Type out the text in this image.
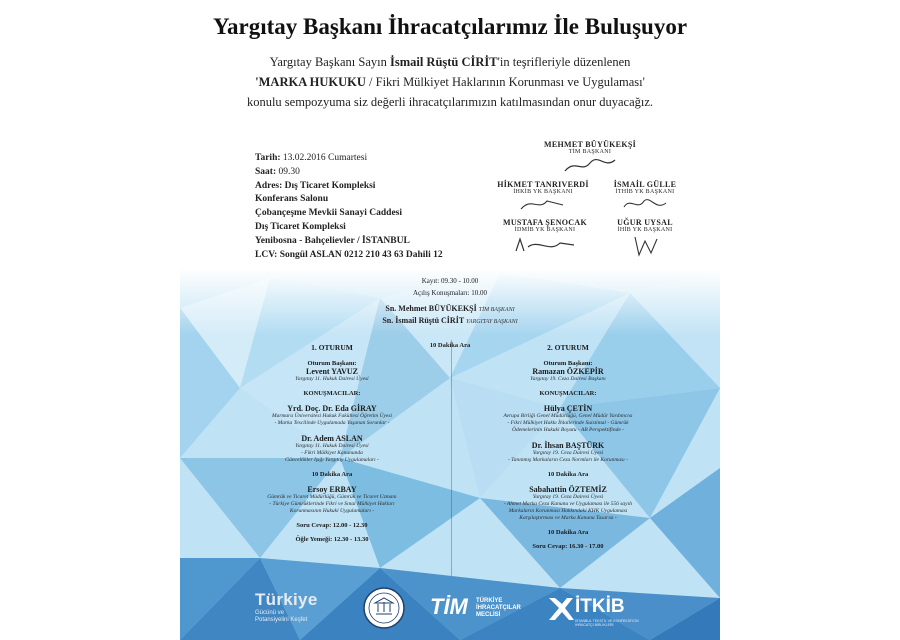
Yargıtay Başkanı İhracatçılarımız İle Buluşuyor
Yargıtay Başkanı Sayın İsmail Rüştü CİRİT'in teşrifleriyle düzenlenen
'MARKA HUKUKU / Fikri Mülkiyet Haklarının Korunması ve Uygulaması'
konulu sempozyuma siz değerli ihracatçılarımızın katılmasından onur duyacağız.
Tarih: 13.02.2016 Cumartesi
Saat: 09.30
Adres: Dış Ticaret Kompleksi
Konferans Salonu
Çobançeşme Mevkii Sanayi Caddesi
Dış Ticaret Kompleksi
Yenibosna - Bahçelievler / İSTANBUL
LCV: Songül ASLAN 0212 210 43 63 Dahili 12
MEHMET BÜYÜKEKŞİ
TİM BAŞKANI
HİKMET TANRIVERDİ
İHKİB YK BAŞKANI
İSMAİL GÜLLE
İTHİB YK BAŞKANI
MUSTAFA ŞENOCAK
İDMİB YK BAŞKANI
UĞUR UYSAL
İHİB YK BAŞKANI
Kayıt: 09.30 - 10.00
Açılış Konuşmaları: 10.00
Sn. Mehmet BÜYÜKEKŞİ TİM BAŞKANI
Sn. İsmail Rüştü CİRİT YARGITAY BAŞKANI
10 Dakika Ara
1. OTURUM
Oturum Başkanı:
Levent YAVUZ
Yargıtay 11. Hukuk Dairesi Üyesi
KONUŞMACILAR:
Yrd. Doç. Dr. Eda GİRAY
Marmara Üniversitesi Hukuk Fakültesi Öğretim Üyesi
- Marka Tescilinde Uygulamada Yaşanan Sorunlar -
Dr. Adem ASLAN
Yargıtay 11. Hukuk Dairesi Üyesi
- Fikri Mülkiyet Kanununda
Güncellikler Işığı Yargıtay Uygulamaları -
10 Dakika Ara
Ersoy ERBAY
Gümrük ve Ticaret Müdürlüğü, Gümrük ve Ticaret Uzmanı
- Türkiye Gümrüklerinde Fikri ve Sınai Mülkiyet Hakları
Korunmasının Hukuki Uygulamaları -
Soru Cevap: 12.00 - 12.30
Öğle Yemeği: 12.30 - 13.30
2. OTURUM
Oturum Başkanı:
Ramazan ÖZKEPİR
Yargıtay 19. Ceza Dairesi Başkanı
KONUŞMACILAR:
Hülya ÇETİN
Avrupa Birliği Genel Müdürlüğü, Genel Müdür Yardımcısı
- Fikri Mülkiyet Hakkı İhlallerinde Suistimal - Gümrük
Ödemelerinin Hukuki Boyutu - AB Perspektifinde -
Dr. İhsan BAŞTÜRK
Yargıtay 19. Ceza Dairesi Üyesi
- Tanınmış Markaların Ceza Normları ile Korunması -
10 Dakika Ara
Sabahattin ÖZTEMİZ
Yargıtay 19. Ceza Dairesi Üyesi
- Ahmet Marka Ceza Kanunu ve Uygulaması ile 556 sayılı
Markaların Korunması Hakkındaki KHK Uygulaması
Karşılaştırması ve Marka Kanunu Tasarısı -
10 Dakika Ara
Soru Cevap: 16.30 - 17.00
Türkiye
Gücünü ve
Potansiyelini Keşfet
TİM TÜRKİYE
İHRACATÇILAR
MECLİSİ	İTKİB
İSTANBUL TEKSTİL VE KONFEKSİYON İHRACATÇI BİRLİKLERİ
